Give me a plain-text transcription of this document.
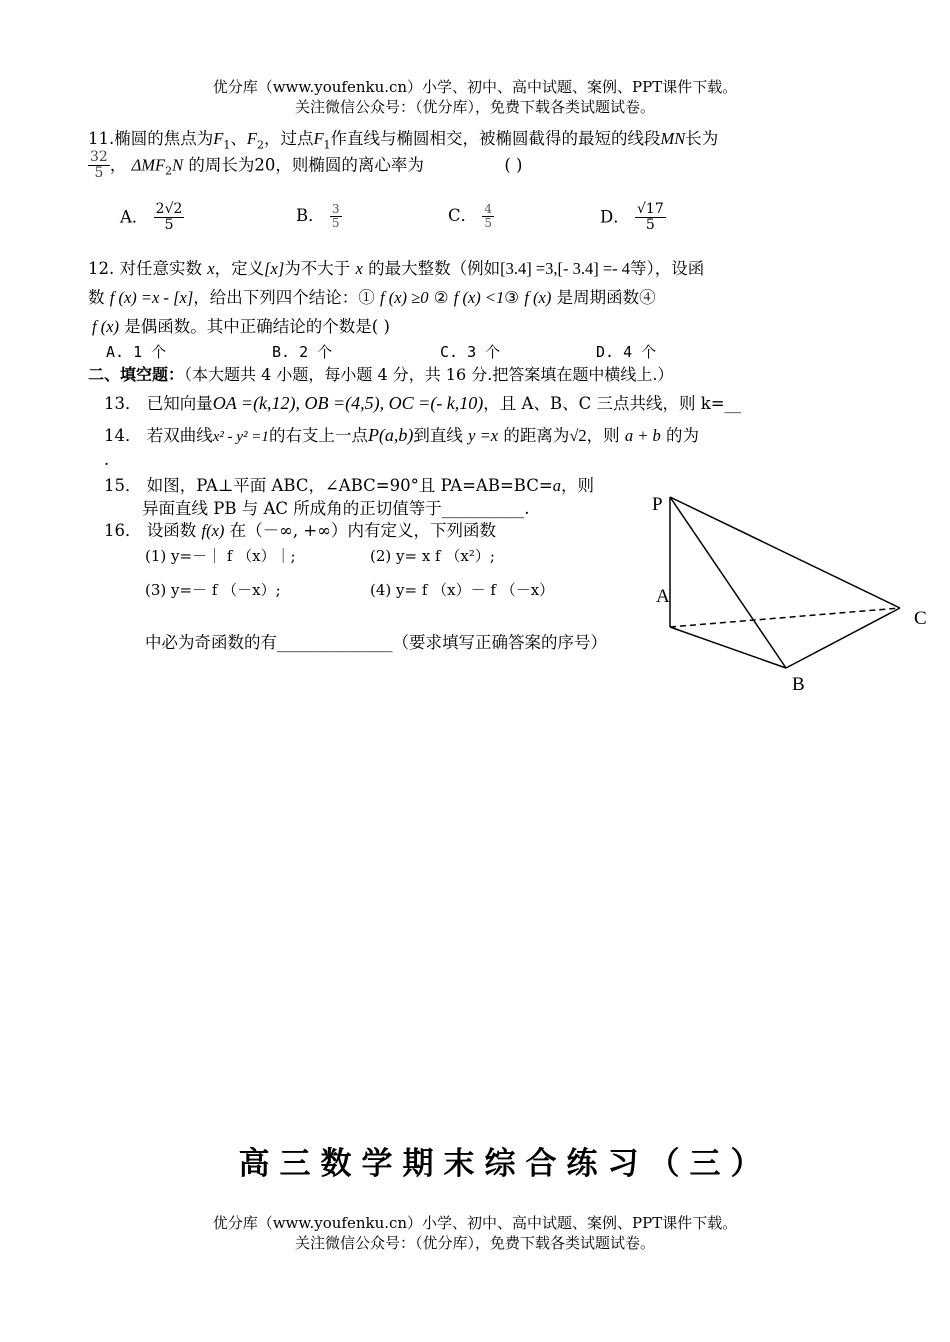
优分库（www.youfenku.cn）小学、初中、高中试题、案例、PPT课件下载。
关注微信公众号：（优分库），免费下载各类试题试卷。
11.椭圆的焦点为$F_1$、$F_2$，过点$F_1$作直线与椭圆相交，被椭圆截得的最短的线段MN长为
$\frac{32}{5}$ ， $\Delta MF_2N$ 的周长为20，则椭圆的离心率为	( )
A． $\frac{2√2}{5}$	B． $\frac{3}{5}$	C． $\frac{4}{5}$	D． $\frac{√17}{5}$
12. 对任意实数 x，定义[x]为不大于 x 的最大整数（例如[3.4] =3,[- 3.4] =- 4等），设函
数 f (x) =x - [x]，给出下列四个结论：① f (x) ≥0 ② f (x) <1③ f (x) 是周期函数④
f (x) 是偶函数。其中正确结论的个数是( )
A. 1 个	B. 2 个	C. 3 个	D. 4 个
二、填空题：（本大题共 4 小题，每小题 4 分，共 16 分.把答案填在题中横线上.）
13． 已知向量OA =(k,12), OB =(4,5), OC =(- k,10)，且 A、B、C 三点共线，则 k=__
14． 若双曲线x² - y² =1的右支上一点P(a,b)到直线 y =x 的距离为√2，则 a + b 的为
.
15． 如图，PA⊥平面 ABC，∠ABC=90°且 PA=AB=BC=a，则
异面直线 PB 与 AC 所成角的正切值等于__________.
16． 设函数 f(x) 在（－∞, +∞）内有定义，下列函数
(1) y=－｜ f （x）｜;	(2) y= x f （x²）;
(3) y=－ f （－x）;	(4) y= f （x）－ f （－x）
中必为奇函数的有______________（要求填写正确答案的序号）
P
A
B
C
高三数学期末综合练习（三）
优分库（www.youfenku.cn）小学、初中、高中试题、案例、PPT课件下载。
关注微信公众号：（优分库），免费下载各类试题试卷。
